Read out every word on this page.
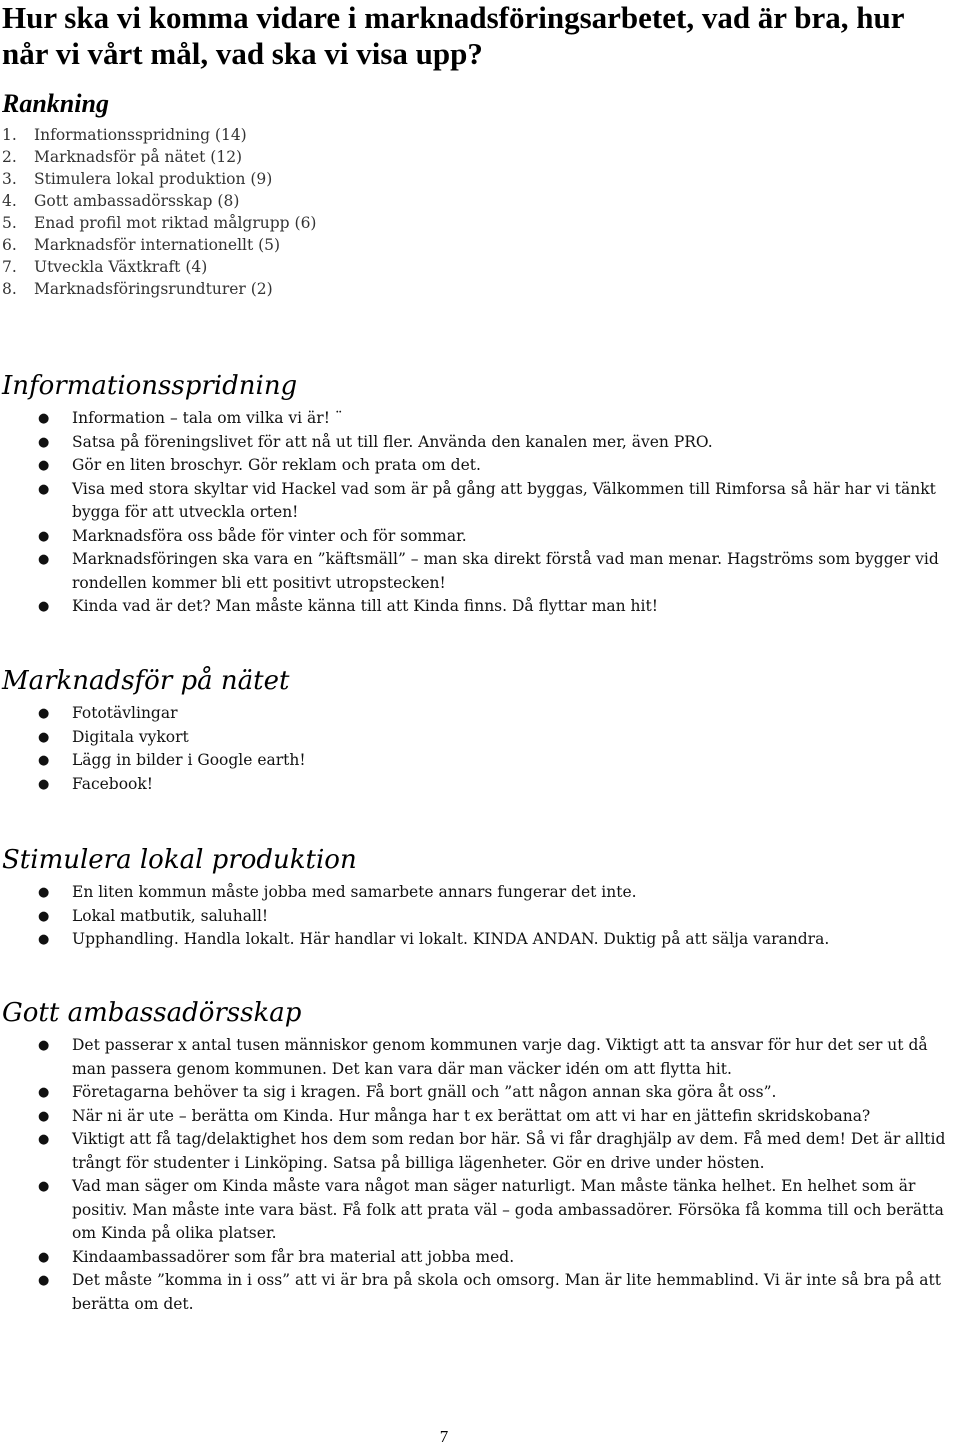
Hur ska vi komma vidare i marknadsföringsarbetet, vad är bra, hur når vi vårt mål, vad ska vi visa upp?
Rankning
1. Informationsspridning (14)
2. Marknadsför på nätet (12)
3. Stimulera lokal produktion (9)
4. Gott ambassadörsskap (8)
5. Enad profil mot riktad målgrupp (6)
6. Marknadsför internationellt (5)
7. Utveckla Växtkraft (4)
8. Marknadsföringsrundturer (2)
Informationsspridning
● Information – tala om vilka vi är! ¨
● Satsa på föreningslivet för att nå ut till fler. Använda den kanalen mer, även PRO.
● Gör en liten broschyr. Gör reklam och prata om det.
● Visa med stora skyltar vid Hackel vad som är på gång att byggas, Välkommen till Rimforsa så här har vi tänkt bygga för att utveckla orten!
● Marknadsföra oss både för vinter och för sommar.
● Marknadsföringen ska vara en ”käftsmäll” – man ska direkt förstå vad man menar. Hagströms som bygger vid rondellen kommer bli ett positivt utropstecken!
● Kinda vad är det? Man måste känna till att Kinda finns. Då flyttar man hit!
Marknadsför på nätet
● Fototävlingar
● Digitala vykort
● Lägg in bilder i Google earth!
● Facebook!
Stimulera lokal produktion
● En liten kommun måste jobba med samarbete annars fungerar det inte.
● Lokal matbutik, saluhall!
● Upphandling. Handla lokalt. Här handlar vi lokalt. KINDA ANDAN. Duktig på att sälja varandra.
Gott ambassadörsskap
● Det passerar x antal tusen människor genom kommunen varje dag. Viktigt att ta ansvar för hur det ser ut då man passera genom kommunen. Det kan vara där man väcker idén om att flytta hit.
● Företagarna behöver ta sig i kragen. Få bort gnäll och ”att någon annan ska göra åt oss”.
● När ni är ute – berätta om Kinda. Hur många har t ex berättat om att vi har en jättefin skridskobana?
● Viktigt att få tag/delaktighet hos dem som redan bor här. Så vi får draghjälp av dem. Få med dem! Det är alltid trångt för studenter i Linköping. Satsa på billiga lägenheter. Gör en drive under hösten.
● Vad man säger om Kinda måste vara något man säger naturligt. Man måste tänka helhet. En helhet som är positiv. Man måste inte vara bäst. Få folk att prata väl – goda ambassadörer. Försöka få komma till och berätta om Kinda på olika platser.
● Kindaambassadörer som får bra material att jobba med.
● Det måste ”komma in i oss” att vi är bra på skola och omsorg. Man är lite hemmablind. Vi är inte så bra på att berätta om det.
7
